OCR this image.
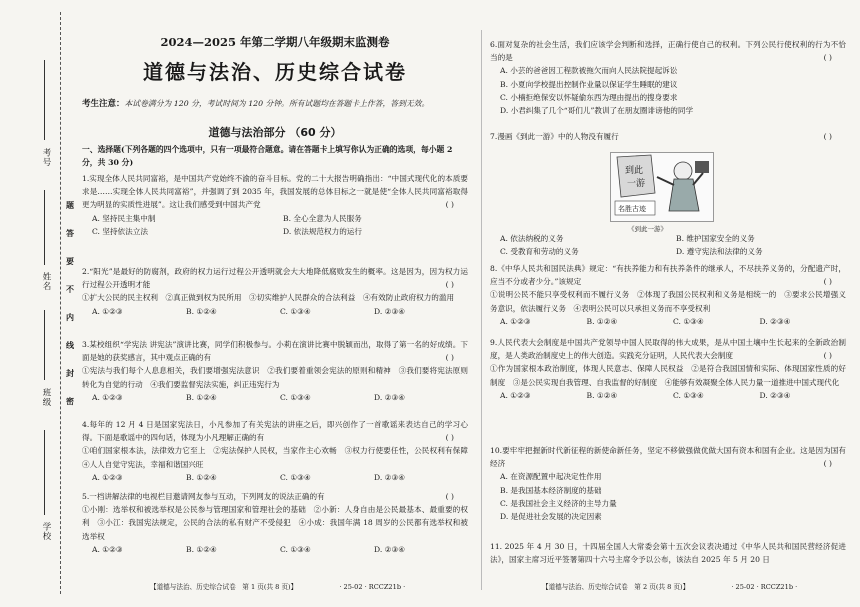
考号
姓名
班级
学校
题
答
要
不
内
线
封
密
2024—2025 年第二学期八年级期末监测卷
道德与法治、历史综合试卷
考生注意：本试卷满分为 120 分，考试时间为 120 分钟。所有试题均在答题卡上作答，答到无效。
道德与法治部分 （60 分）
一、选择题(下列各题的四个选项中，只有一项最符合题意。请在答题卡上填写你认为正确的选项，每小题 2 分，共 30 分)

1.实现全体人民共同富裕，是中国共产党始终不渝的奋斗目标。党的二十大报告明确指出：“中国式现代化的本质要求是……实现全体人民共同富裕”，并强调了到 2035 年，我国发展的总体目标之一就是使“全体人民共同富裕取得更为明显的实质性进展”。这让我们感受到中国共产党	( )

A. 坚持民主集中制	B. 全心全意为人民服务
C. 坚持依法立法	D. 依法规范权力的运行

2.“阳光”是最好的防腐剂，政府的权力运行过程公开透明就会大大地降低腐败发生的概率。这是因为，因为权力运行过程公开透明才能	( )

①扩大公民的民主权利　②真正做到权为民所用　③切实维护人民群众的合法利益　④有效防止政府权力的滥用

A. ①②③	B. ①②④	C. ①③④	D. ②③④

3.某校组织“学宪法 讲宪法”演讲比赛，同学们积极参与。小莉在演讲比赛中脱颖而出，取得了第一名的好成绩。下面是她的获奖感言，其中观点正确的有	( )

①宪法与我们每个人息息相关，我们要增强宪法意识　②我们要着重领会宪法的原则和精神　③我们要将宪法原则转化为自觉的行动　④我们要监督宪法实施，纠正违宪行为

A. ①②③	B. ①②④	C. ①③④	D. ②③④

4.每年的 12 月 4 日是国家宪法日，小凡参加了有关宪法的讲座之后，即兴创作了一首歌谣来表达自己的学习心得。下面是歌谣中的四句话，体现为小凡理解正确的有	( )

①咱们国家根本法，法律效力它至上　②宪法保护人民权，当家作主心欢畅　③权力行使要任性，公民权利有保障　④人人自觉守宪法，幸福和谐国兴旺

A. ①②③	B. ①②④	C. ①③④	D. ②③④

5.一档讲解法律的电视栏目邀请网友参与互动，下列网友的说法正确的有	( )

①小刚：选举权和被选举权是公民参与管理国家和管理社会的基础　②小新：人身自由是公民最基本、最重要的权利　③小江：我国宪法规定，公民的合法的私有财产不受侵犯　④小成：我国年满 18 周岁的公民都有选举权和被选举权

A. ①②③	B. ①②④	C. ①③④	D. ②③④
【道德与法治、历史综合试卷　第 1 页(共 8 页)】	· 25-02 · RCCZ21b ·

6.面对复杂的社会生活，我们应该学会判断和选择，正确行使自己的权利。下列公民行使权利的行为不恰当的是	( )

A. 小芸的爸爸因工程款被拖欠而向人民法院提起诉讼
B. 小夏向学校提出控制作业量以保证学生睡眠的建议
C. 小楠拒绝保安以怀疑偷东西为理由提出的搜身要求
D. 小君纠集了几个“哥们儿”教训了在朋友圈诽谤他的同学

7.漫画《到此一游》中的人物没有履行	( )

到此
一游
名胜古迹
《到此一游》
A. 依法纳税的义务	B. 维护国家安全的义务
C. 受教育和劳动的义务	D. 遵守宪法和法律的义务

8.《中华人民共和国民法典》规定：“有扶养能力和有扶养条件的继承人，不尽扶养义务的，分配遗产时，应当不分或者少分。”该规定	( )

①说明公民不能只享受权利而不履行义务　②体现了我国公民权利和义务是相统一的　③要求公民增强义务意识，依法履行义务　④表明公民可以只承担义务而不享受权利

A. ①②③	B. ①②④	C. ①③④	D. ②③④

9.人民代表大会制度是中国共产党领导中国人民取得的伟大成果，是从中国土壤中生长起来的全新政治制度，是人类政治制度史上的伟大创造。实践充分证明，人民代表大会制度	( )

①作为国家根本政治制度，体现人民意志、保障人民权益　②是符合我国国情和实际、体现国家性质的好制度　③是公民实现自我管理、自我监督的好制度　④能够有效凝聚全体人民力量一道推进中国式现代化

A. ①②③	B. ①②④	C. ①③④	D. ②③④

10.要牢牢把握新时代新征程的新使命新任务，坚定不移做强做优做大国有资本和国有企业。这是因为国有经济	( )

A. 在资源配置中起决定性作用
B. 是我国基本经济制度的基础
C. 是我国社会主义经济的主导力量
D. 是促进社会发展的决定因素

11. 2025 年 4 月 30 日，十四届全国人大常委会第十五次会议表决通过《中华人民共和国民营经济促进法》，国家主席习近平签署第四十六号主席令予以公布，该法自 2025 年 5 月 20 日

【道德与法治、历史综合试卷　第 2 页(共 8 页)】	· 25-02 · RCCZ21b ·
